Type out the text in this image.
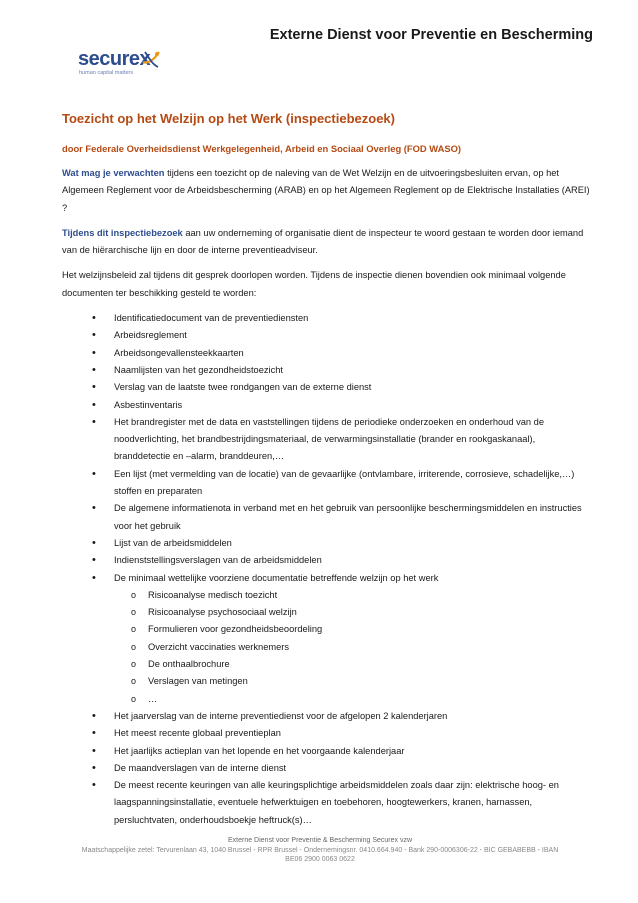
Externe Dienst voor Preventie en Bescherming
securex
human capital matters
Toezicht op het Welzijn op het Werk (inspectiebezoek)
door Federale Overheidsdienst Werkgelegenheid, Arbeid en Sociaal Overleg (FOD WASO)

Wat mag je verwachten tijdens een toezicht op de naleving van de Wet Welzijn en de uitvoeringsbesluiten ervan, op het Algemeen Reglement voor de Arbeidsbescherming (ARAB) en op het Algemeen Reglement op de Elektrische Installaties (AREI) ?

Tijdens dit inspectiebezoek aan uw onderneming of organisatie dient de inspecteur te woord gestaan te worden door iemand van de hiërarchische lijn en door de interne preventieadviseur.

Het welzijnsbeleid zal tijdens dit gesprek doorlopen worden. Tijdens de inspectie dienen bovendien ook minimaal volgende documenten ter beschikking gesteld te worden:

• Identificatiedocument van de preventiediensten
• Arbeidsreglement
• Arbeidsongevallensteekkaarten
• Naamlijsten van het gezondheidstoezicht
• Verslag van de laatste twee rondgangen van de externe dienst
• Asbestinventaris
• Het brandregister met de data en vaststellingen tijdens de periodieke onderzoeken en onderhoud van de noodverlichting, het brandbestrijdingsmateriaal, de verwarmingsinstallatie (brander en rookgaskanaal), branddetectie en –alarm, branddeuren,…
• Een lijst (met vermelding van de locatie) van de gevaarlijke (ontvlambare, irriterende, corrosieve, schadelijke,…) stoffen en preparaten
• De algemene informatienota in verband met en het gebruik van persoonlijke beschermingsmiddelen en instructies voor het gebruik
• Lijst van de arbeidsmiddelen
• Indienststellingsverslagen van de arbeidsmiddelen
• De minimaal wettelijke voorziene documentatie betreffende welzijn op het werk
o Risicoanalyse medisch toezicht
o Risicoanalyse psychosociaal welzijn
o Formulieren voor gezondheidsbeoordeling
o Overzicht vaccinaties werknemers
o De onthaalbrochure
o Verslagen van metingen
o …
• Het jaarverslag van de interne preventiedienst voor de afgelopen 2 kalenderjaren
• Het meest recente globaal preventieplan
• Het jaarlijks actieplan van het lopende en het voorgaande kalenderjaar
• De maandverslagen van de interne dienst
• De meest recente keuringen van alle keuringsplichtige arbeidsmiddelen zoals daar zijn: elektrische hoog- en laagspanningsinstallatie, eventuele hefwerktuigen en toebehoren, hoogtewerkers, kranen, harnassen, persluchtvaten, onderhoudsboekje heftruck(s)…
Externe Dienst voor Preventie & Bescherming Securex vzw
Maatschappelijke zetel: Tervurenlaan 43, 1040 Brussel - RPR Brussel - Ondernemingsnr. 0410.664.940 - Bank 290-0006306-22 - BIC GEBABEBB - IBAN BE06 2900 0063 0622
